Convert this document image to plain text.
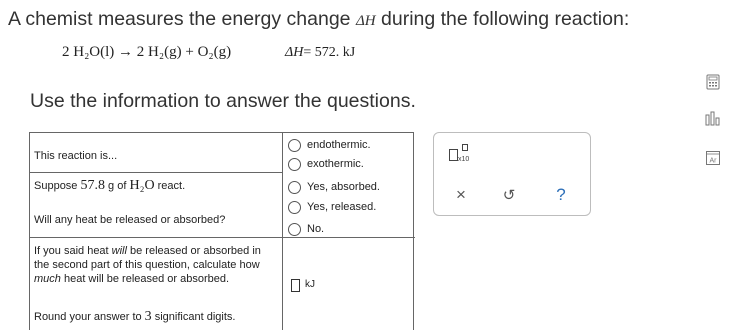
A chemist measures the energy change ΔH during the following reaction:
2 H₂O(l) → 2 H₂(g) + O₂(g)	ΔH= 572. kJ
Use the information to answer the questions.
This reaction is...
endothermic.
exothermic.
Suppose 57.8 g of H₂O react.
Will any heat be released or absorbed?
Yes, absorbed.
Yes, released.
No.
If you said heat will be released or absorbed in
the second part of this question, calculate how
much heat will be released or absorbed.	kJ
Round your answer to 3 significant digits.
x10
× ↺ ?
Ar
